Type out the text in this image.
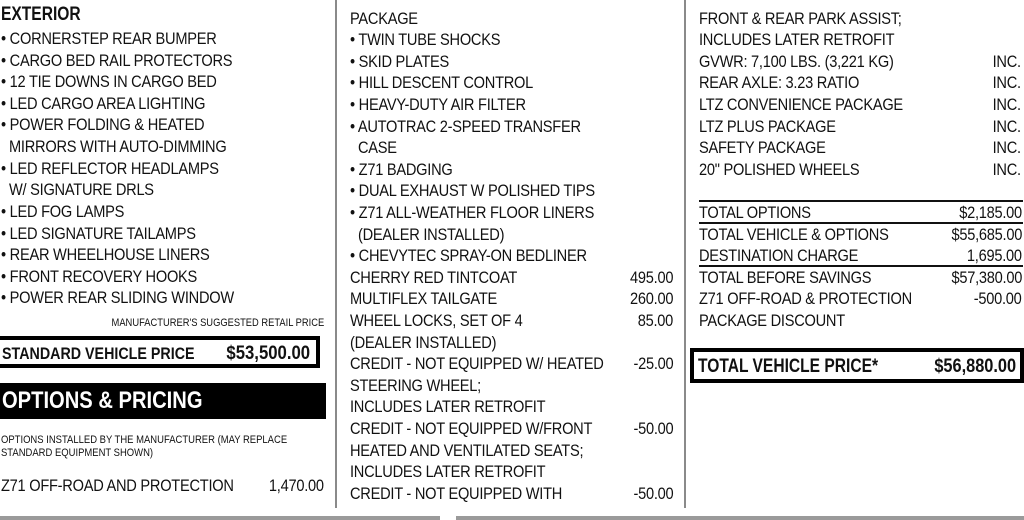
EXTERIOR
• CORNERSTEP REAR BUMPER
• CARGO BED RAIL PROTECTORS
• 12 TIE DOWNS IN CARGO BED
• LED CARGO AREA LIGHTING
• POWER FOLDING & HEATED
MIRRORS WITH AUTO-DIMMING
• LED REFLECTOR HEADLAMPS
W/ SIGNATURE DRLS
• LED FOG LAMPS
• LED SIGNATURE TAILAMPS
• REAR WHEELHOUSE LINERS
• FRONT RECOVERY HOOKS
• POWER REAR SLIDING WINDOW
MANUFACTURER'S SUGGESTED RETAIL PRICE
STANDARD VEHICLE PRICE	$53,500.00
OPTIONS & PRICING
OPTIONS INSTALLED BY THE MANUFACTURER (MAY REPLACE
STANDARD EQUIPMENT SHOWN)
Z71 OFF-ROAD AND PROTECTION	1,470.00
PACKAGE
• TWIN TUBE SHOCKS
• SKID PLATES
• HILL DESCENT CONTROL
• HEAVY-DUTY AIR FILTER
• AUTOTRAC 2-SPEED TRANSFER
CASE
• Z71 BADGING
• DUAL EXHAUST W POLISHED TIPS
• Z71 ALL-WEATHER FLOOR LINERS
(DEALER INSTALLED)
• CHEVYTEC SPRAY-ON BEDLINER
CHERRY RED TINTCOAT	495.00
MULTIFLEX TAILGATE	260.00
WHEEL LOCKS, SET OF 4	85.00
(DEALER INSTALLED)
CREDIT - NOT EQUIPPED W/ HEATED	-25.00
STEERING WHEEL;
INCLUDES LATER RETROFIT
CREDIT - NOT EQUIPPED W/FRONT	-50.00
HEATED AND VENTILATED SEATS;
INCLUDES LATER RETROFIT
CREDIT - NOT EQUIPPED WITH	-50.00
FRONT & REAR PARK ASSIST;
INCLUDES LATER RETROFIT
GVWR: 7,100 LBS. (3,221 KG)	INC.
REAR AXLE: 3.23 RATIO	INC.
LTZ CONVENIENCE PACKAGE	INC.
LTZ PLUS PACKAGE	INC.
SAFETY PACKAGE	INC.
20" POLISHED WHEELS	INC.
TOTAL OPTIONS	$2,185.00
TOTAL VEHICLE & OPTIONS	$55,685.00
DESTINATION CHARGE	1,695.00
TOTAL BEFORE SAVINGS	$57,380.00
Z71 OFF-ROAD & PROTECTION	-500.00
PACKAGE DISCOUNT
TOTAL VEHICLE PRICE*	$56,880.00
